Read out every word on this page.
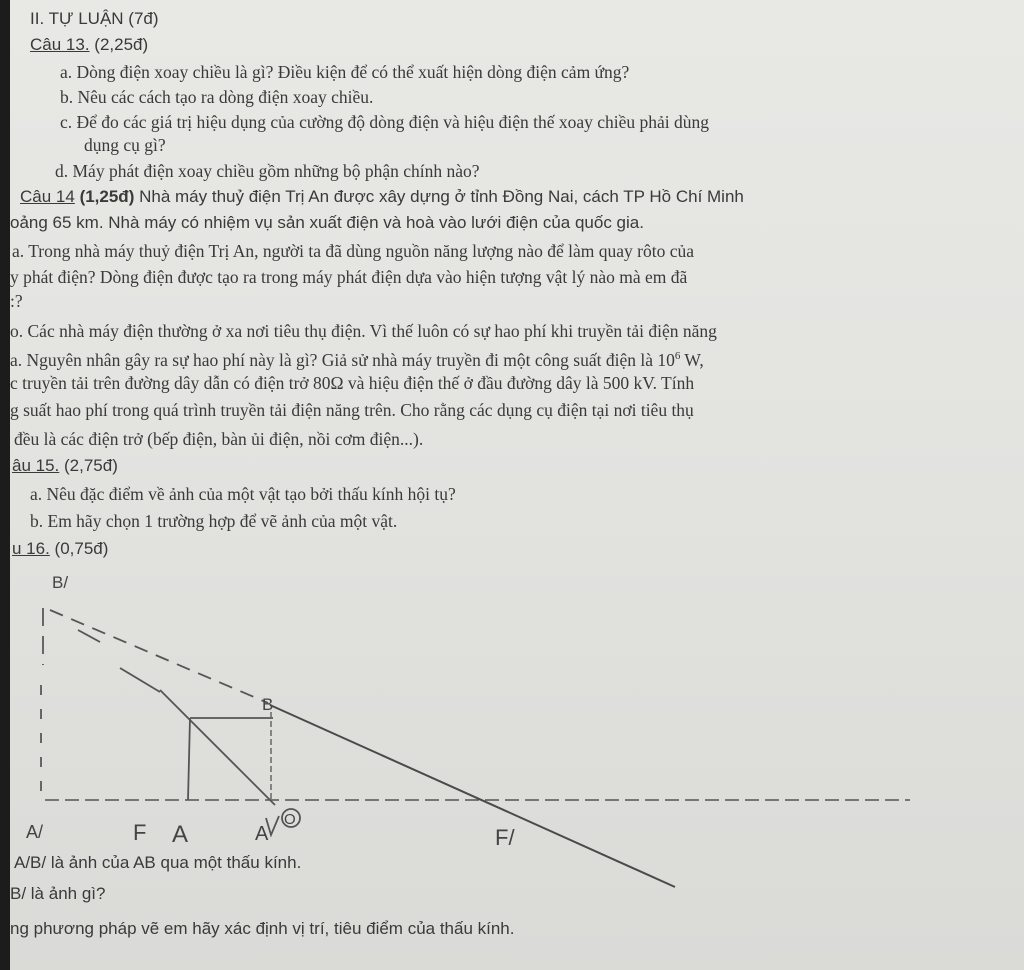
II. TỰ LUẬN (7đ)
Câu 13. (2,25đ)
a. Dòng điện xoay chiều là gì? Điều kiện để có thể xuất hiện dòng điện cảm ứng?
b. Nêu các cách tạo ra dòng điện xoay chiều.
c. Để đo các giá trị hiệu dụng của cường độ dòng điện và hiệu điện thế xoay chiều phải dùng
dụng cụ gì?
d. Máy phát điện xoay chiều gồm những bộ phận chính nào?
Câu 14 (1,25đ) Nhà máy thuỷ điện Trị An được xây dựng ở tỉnh Đồng Nai, cách TP Hồ Chí Minh
oảng 65 km. Nhà máy có nhiệm vụ sản xuất điện và hoà vào lưới điện của quốc gia.
a. Trong nhà máy thuỷ điện Trị An, người ta đã dùng nguồn năng lượng nào để làm quay rôto của
y phát điện? Dòng điện được tạo ra trong máy phát điện dựa vào hiện tượng vật lý nào mà em đã
:?
o. Các nhà máy điện thường ở xa nơi tiêu thụ điện. Vì thế luôn có sự hao phí khi truyền tải điện năng
a. Nguyên nhân gây ra sự hao phí này là gì? Giả sử nhà máy truyền đi một công suất điện là $10^6$ W,
c truyền tải trên đường dây dẫn có điện trở 80Ω và hiệu điện thế ở đầu đường dây là 500 kV. Tính
g suất hao phí trong quá trình truyền tải điện năng trên. Cho rằng các dụng cụ điện tại nơi tiêu thụ
đều là các điện trở (bếp điện, bàn ủi điện, nồi cơm điện...).
âu 15. (2,75đ)
a. Nêu đặc điểm về ảnh của một vật tạo bởi thấu kính hội tụ?
b. Em hãy chọn 1 trường hợp để vẽ ảnh của một vật.
u 16. (0,75đ)
B/
B
A/	F A	A
O
F/
A/B/ là ảnh của AB qua một thấu kính.
B/ là ảnh gì?
ng phương pháp vẽ em hãy xác định vị trí, tiêu điểm của thấu kính.
